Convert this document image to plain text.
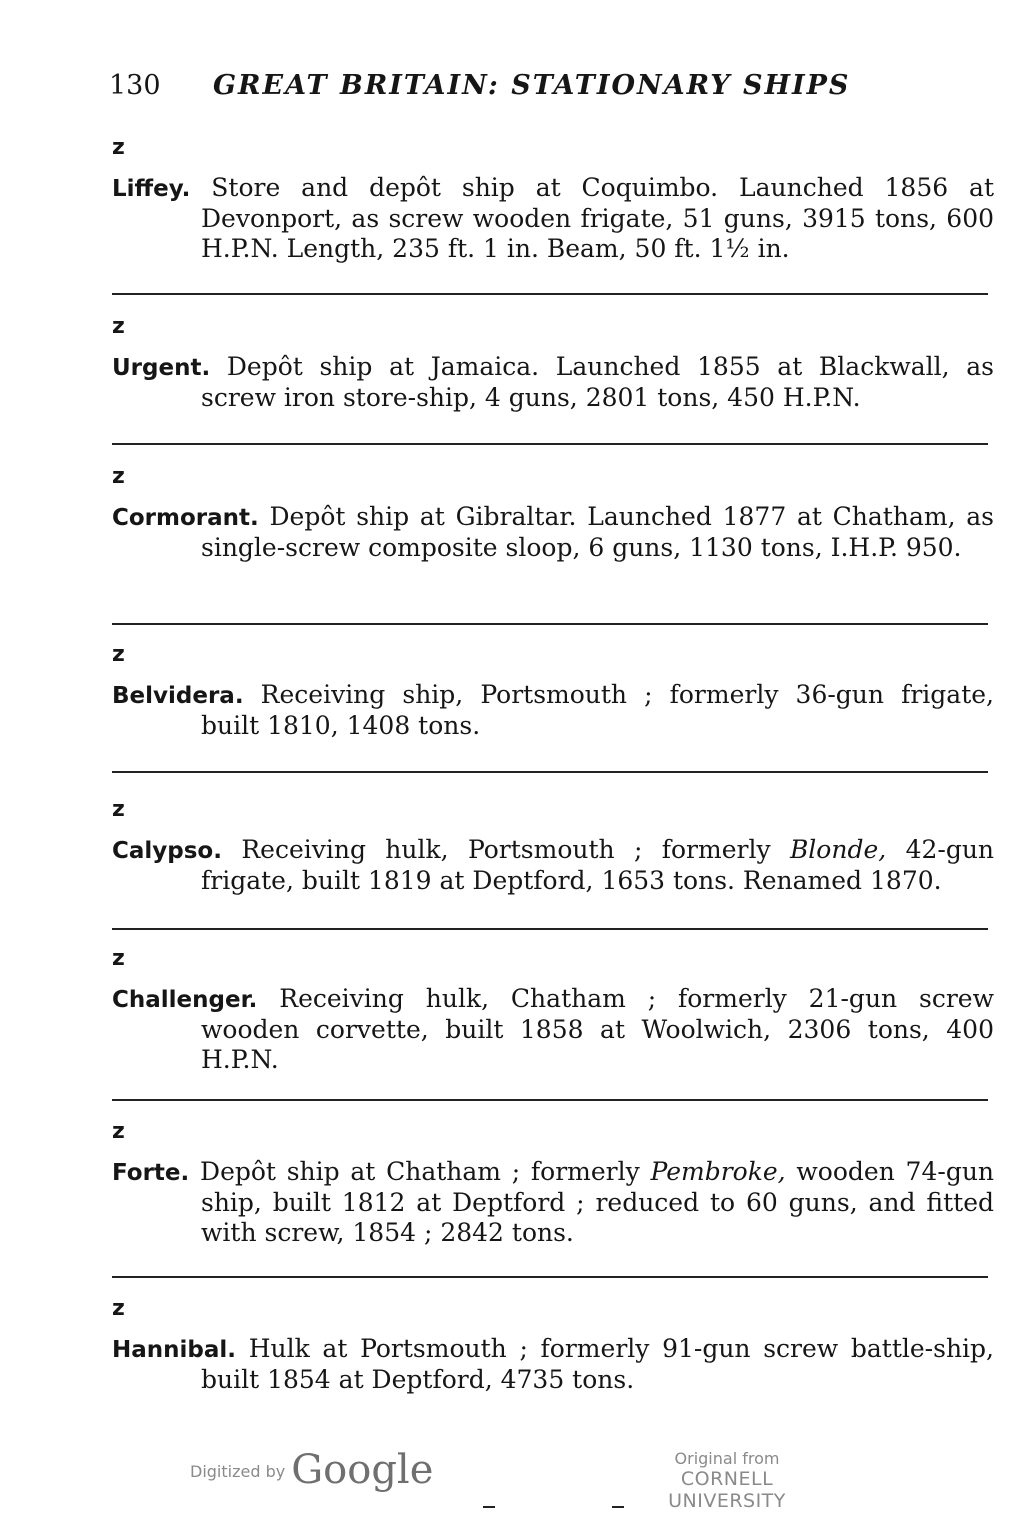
130 GREAT BRITAIN: STATIONARY SHIPS
z
Liffey. Store and depôt ship at Coquimbo. Launched 1856 at Devonport, as screw wooden frigate, 51 guns, 3915 tons, 600 H.P.N. Length, 235 ft. 1 in. Beam, 50 ft. 1½ in.
z
Urgent. Depôt ship at Jamaica. Launched 1855 at Blackwall, as screw iron store-ship, 4 guns, 2801 tons, 450 H.P.N.
z
Cormorant. Depôt ship at Gibraltar. Launched 1877 at Chatham, as single-screw composite sloop, 6 guns, 1130 tons, I.H.P. 950.
z
Belvidera. Receiving ship, Portsmouth ; formerly 36-gun frigate, built 1810, 1408 tons.
z
Calypso. Receiving hulk, Portsmouth ; formerly Blonde, 42-gun frigate, built 1819 at Deptford, 1653 tons. Renamed 1870.
z
Challenger. Receiving hulk, Chatham ; formerly 21-gun screw wooden corvette, built 1858 at Woolwich, 2306 tons, 400 H.P.N.
z
Forte. Depôt ship at Chatham ; formerly Pembroke, wooden 74-gun ship, built 1812 at Deptford ; reduced to 60 guns, and fitted with screw, 1854 ; 2842 tons.
z
Hannibal. Hulk at Portsmouth ; formerly 91-gun screw battle-ship, built 1854 at Deptford, 4735 tons.
Digitized by Google	Original from
CORNELL UNIVERSITY
